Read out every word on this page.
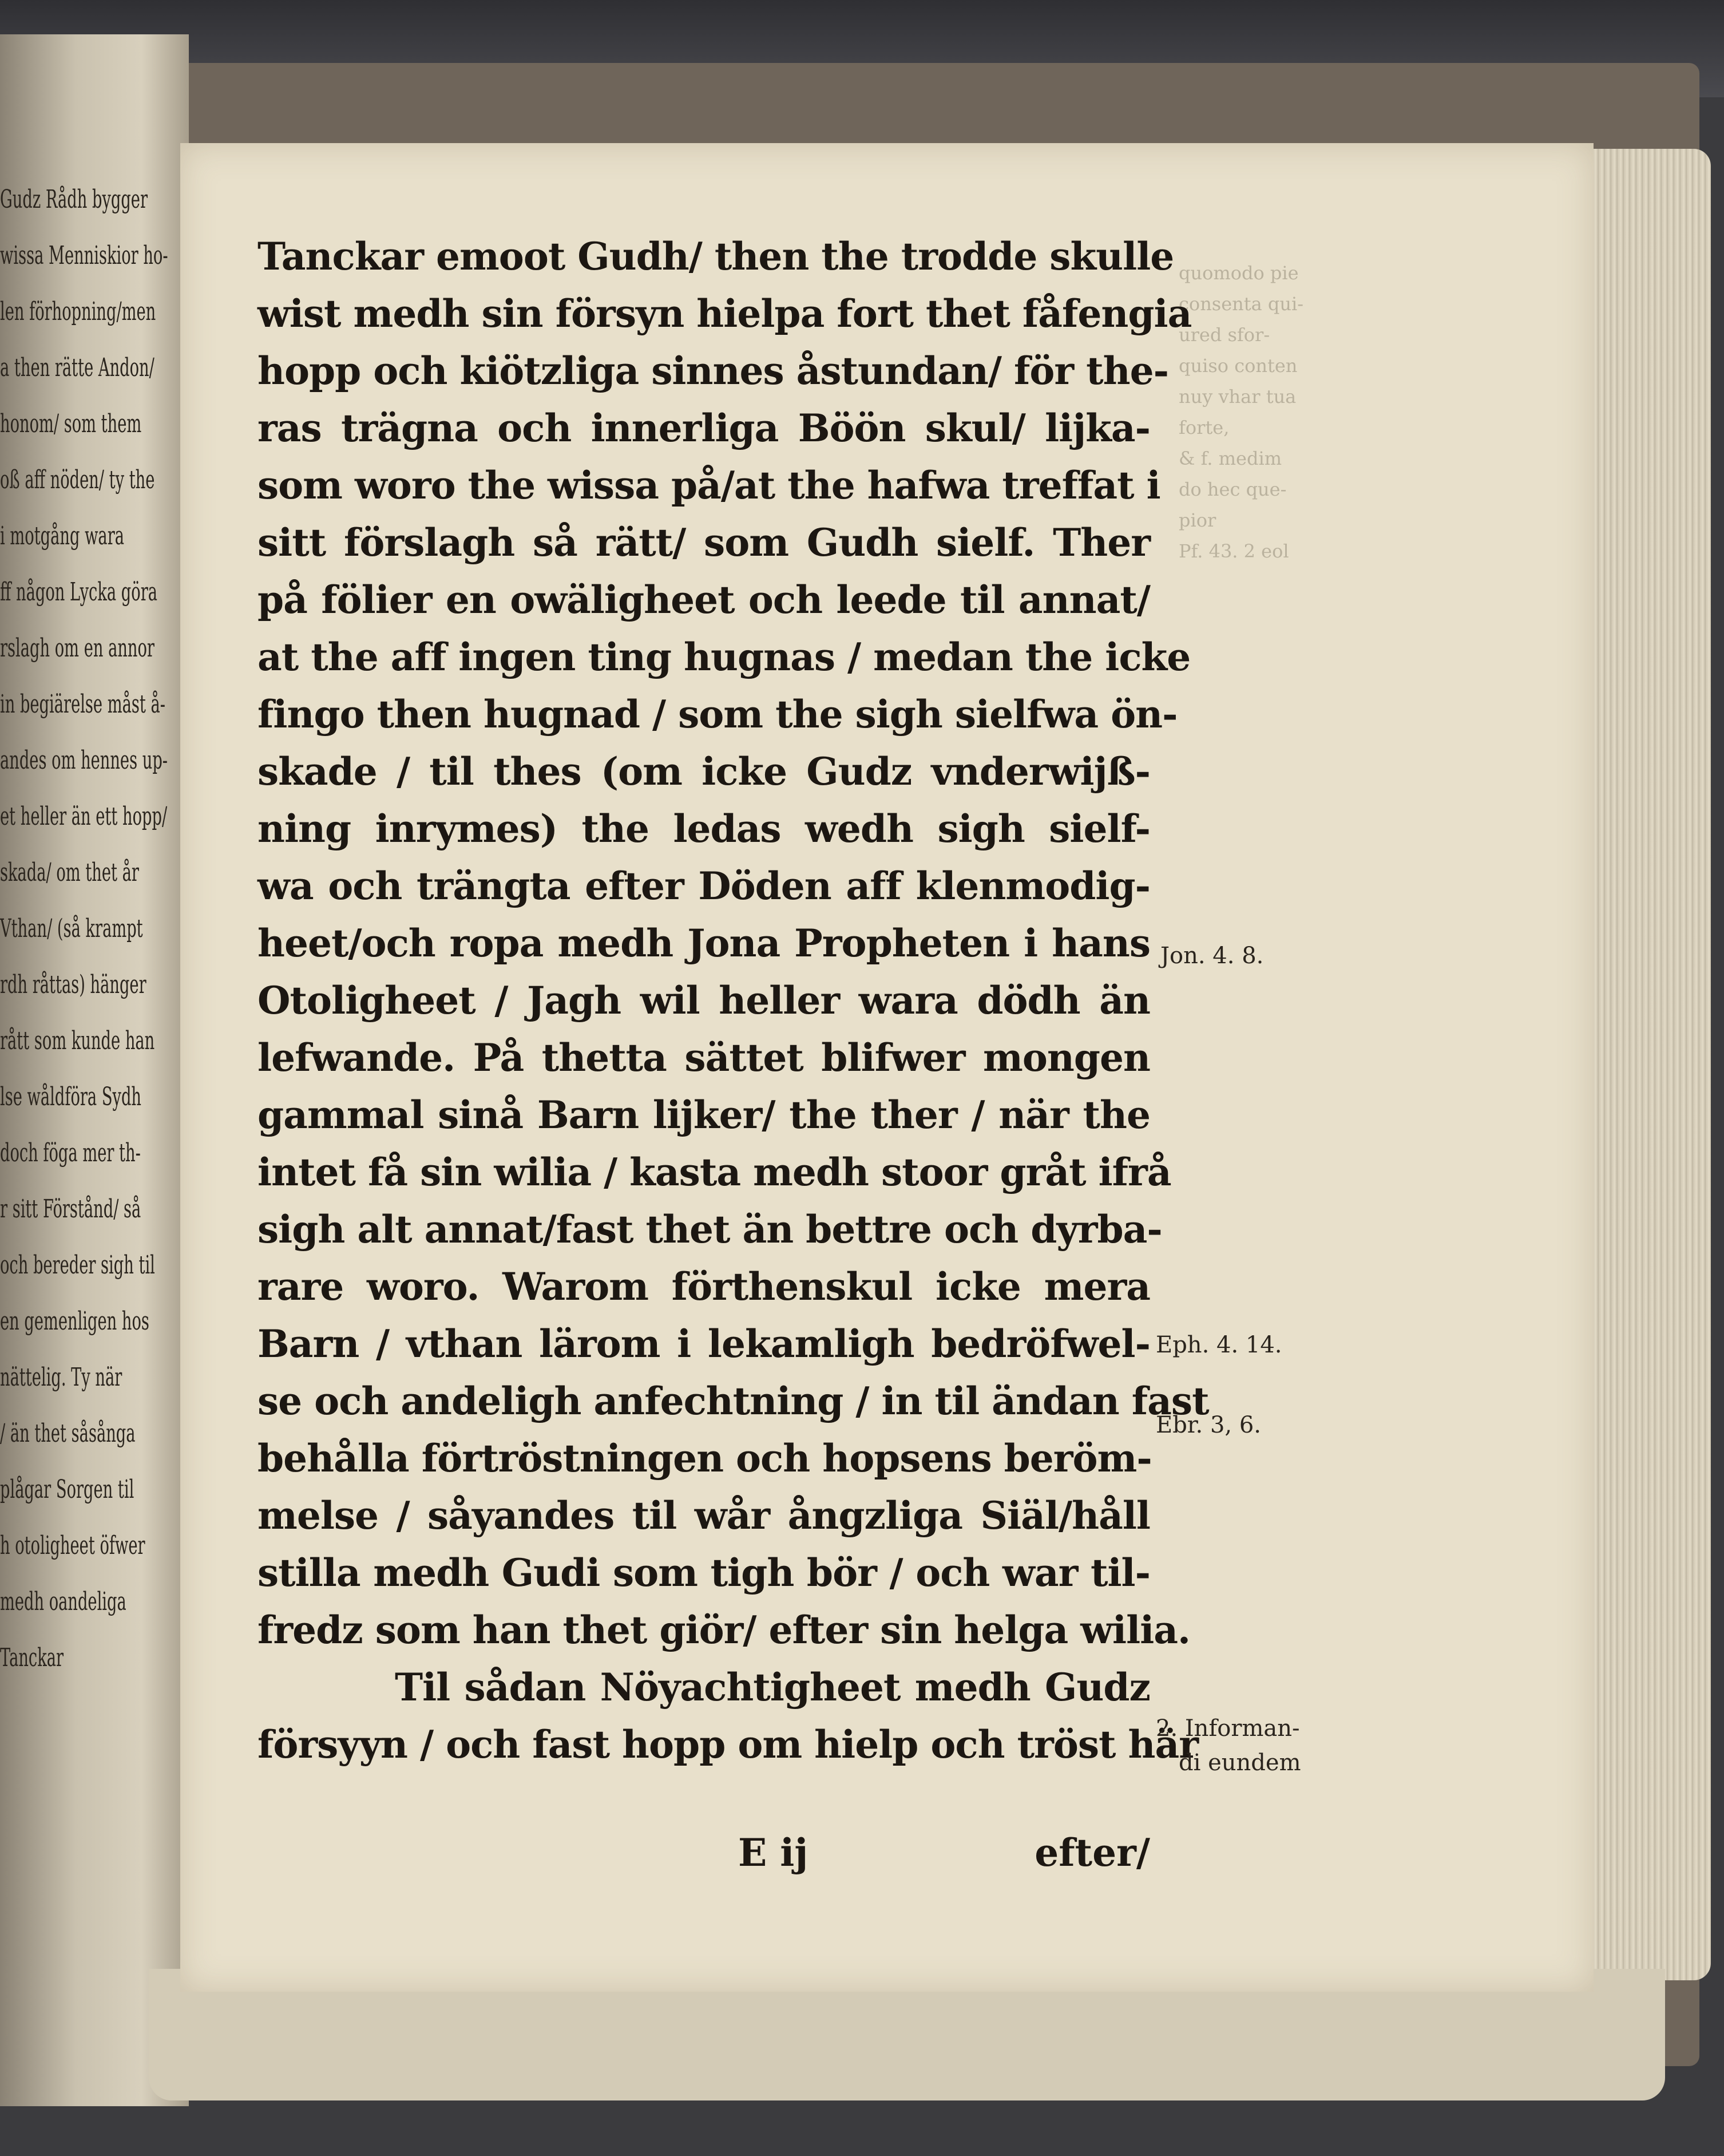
Gudz Rådh bygger
wissa Menniskior ho-
len förhopning/men
a then rätte Andon/
honom/ som them
oß aff nöden/ ty the
i motgång wara
ff någon Lycka göra
rslagh om en annor
in begiärelse måst å-
andes om hennes up-
et heller än ett hopp/
skada/ om thet år
Vthan/ (så krampt
rdh råttas) hänger
rått som kunde han
lse wåldföra Sydh
doch föga mer th-
r sitt Förstånd/ så
och bereder sigh til
en gemenligen hos
nättelig. Ty när
/ än thet såsånga
plågar Sorgen til
h otoligheet öfwer
medh oandeliga
Tanckar
quomodo pie
consenta qui-
ured sfor-
quiso conten
nuy vhar tua
forte,
& f. medim
do hec que-
pior
Pf. 43. 2 eol
Tanckar emoot Gudh/ then the trodde skulle
wist medh sin försyn hielpa fort thet fåfengia
hopp och kiötzliga sinnes åstundan/ för the-
ras trägna och innerliga Böön skul/ lijka-
som woro the wissa på/at the hafwa treffat i
sitt förslagh så rätt/ som Gudh sielf. Ther
på fölier en owäligheet och leede til annat/
at the aff ingen ting hugnas / medan the icke
fingo then hugnad / som the sigh sielfwa ön-
skade / til thes (om icke Gudz vnderwijß-
ning inrymes) the ledas wedh sigh sielf-
wa och trängta efter Döden aff klenmodig-
heet/och ropa medh Jona Propheten i hans
Otoligheet / Jagh wil heller wara dödh än
lefwande. På thetta sättet blifwer mongen
gammal sinå Barn lijker/ the ther / när the
intet få sin wilia / kasta medh stoor gråt ifrå
sigh alt annat/fast thet än bettre och dyrba-
rare woro. Warom förthenskul icke mera
Barn / vthan lärom i lekamligh bedröfwel-
se och andeligh anfechtning / in til ändan fast
behålla förtröstningen och hopsens beröm-
melse / såyandes til wår ångzliga Siäl/håll
stilla medh Gudi som tigh bör / och war til-
fredz som han thet giör/ efter sin helga wilia.
Til sådan Nöyachtigheet medh Gudz
försyyn / och fast hopp om hielp och tröst här
E ij	efter/
Jon. 4. 8.
Eph. 4. 14.
Ebr. 3, 6.
2. Informan-
di eundem
